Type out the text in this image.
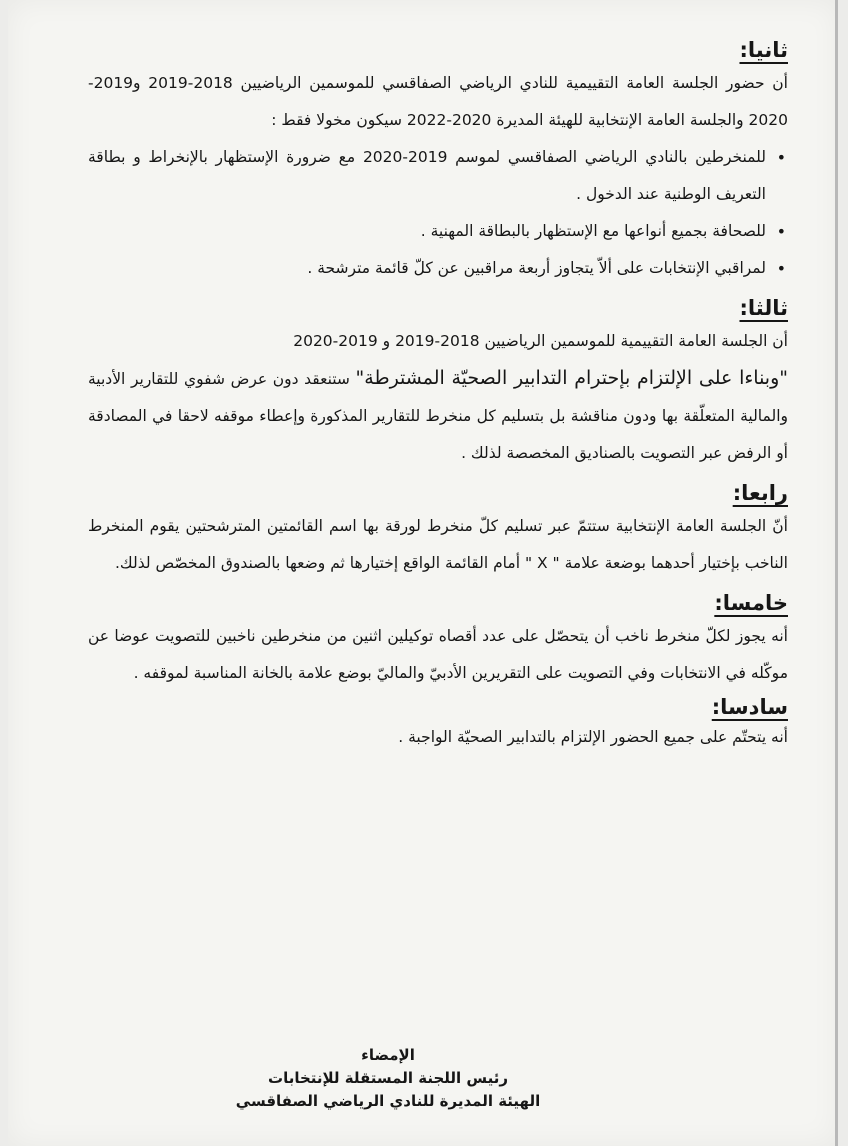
ثانيا:

أن حضور الجلسة العامة التقييمية للنادي الرياضي الصفاقسي للموسمين الرياضيين 2018-2019 و2019-2020 والجلسة العامة الإنتخابية للهيئة المديرة 2020-2022 سيكون مخولا فقط :

•
للمنخرطين بالنادي الرياضي الصفاقسي لموسم 2019-2020 مع ضرورة الإستظهار بالإنخراط و بطاقة التعريف الوطنية عند الدخول .
•
للصحافة بجميع أنواعها مع الإستظهار بالبطاقة المهنية .
•
لمراقبي الإنتخابات على ألاّ يتجاوز أربعة مراقبين عن كلّ قائمة مترشحة .
ثالثا:

أن الجلسة العامة التقييمية للموسمين الرياضيين 2018-2019 و 2019-2020

"وبناءا على الإلتزام بإحترام التدابير الصحيّة المشترطة" ستنعقد دون عرض شفوي للتقارير الأدبية والمالية المتعلّقة بها ودون مناقشة بل بتسليم كل منخرط للتقارير المذكورة وإعطاء موقفه لاحقا في المصادقة أو الرفض عبر التصويت بالصناديق المخصصة لذلك .

رابعا:

أنّ الجلسة العامة الإنتخابية ستتمّ عبر تسليم كلّ منخرط لورقة بها اسم القائمتين المترشحتين يقوم المنخرط الناخب بإختيار أحدهما بوضعة علامة " X " أمام القائمة الواقع إختيارها ثم وضعها بالصندوق المخصّص لذلك.

خامسا:

أنه يجوز لكلّ منخرط ناخب أن يتحصّل على عدد أقصاه توكيلين اثنين من منخرطين ناخبين للتصويت عوضا عن موكّله في الانتخابات وفي التصويت على التقريرين الأدبيّ والماليّ بوضع علامة بالخانة المناسبة لموقفه .

سادسا:

أنه يتحتّم على جميع الحضور الإلتزام بالتدابير الصحيّة الواجبة .

الإمضاء
رئيس اللجنة المستقلة للإنتخابات
الهيئة المديرة للنادي الرياضي الصفاقسي
